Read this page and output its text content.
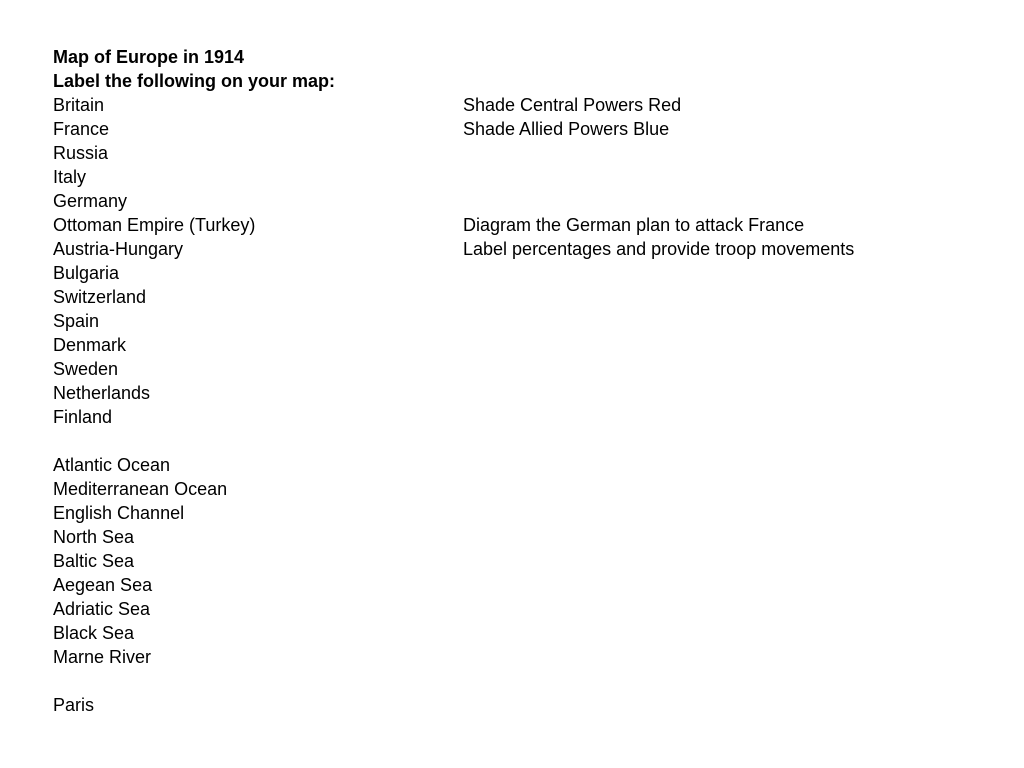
Map of Europe in 1914
Label the following on your map:
Britain
France
Russia
Italy
Germany
Ottoman Empire (Turkey)
Austria-Hungary
Bulgaria
Switzerland
Spain
Denmark
Sweden
Netherlands
Finland
Atlantic Ocean
Mediterranean Ocean
English Channel
North Sea
Baltic Sea
Aegean Sea
Adriatic Sea
Black Sea
Marne River
Paris
Shade Central Powers Red
Shade Allied Powers Blue
Diagram the German plan to attack France
Label percentages and provide troop movements
